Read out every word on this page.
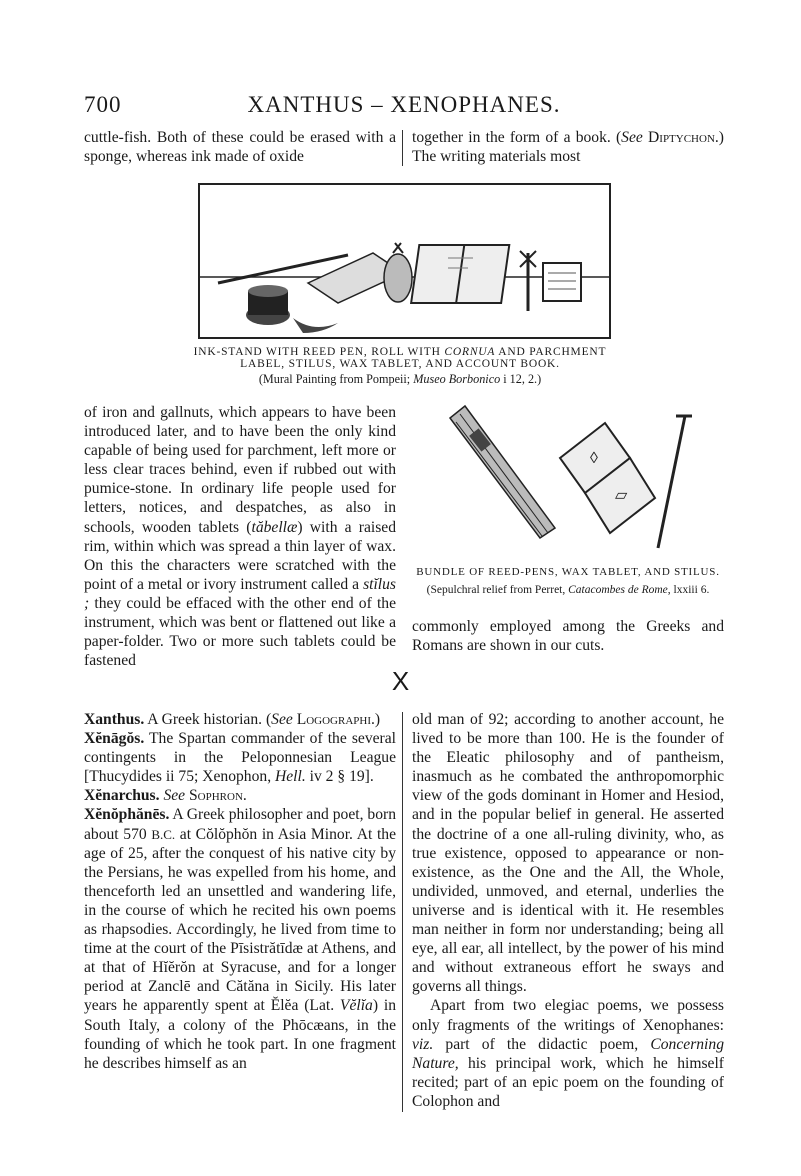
700	XANTHUS – XENOPHANES.

cuttle-fish. Both of these could be erased with a sponge, whereas ink made of oxide

together in the form of a book. (See Diptychon.) The writing materials most

INK-STAND WITH REED PEN, ROLL WITH CORNUA AND PARCHMENT
LABEL, STILUS, WAX TABLET, AND ACCOUNT BOOK.
(Mural Painting from Pompeii; Museo Borbonico i 12, 2.)

of iron and gallnuts, which appears to have been introduced later, and to have been the only kind capable of being used for parchment, left more or less clear traces behind, even if rubbed out with pumice-stone. In ordinary life people used for letters, notices, and despatches, as also in schools, wooden tablets (tăbellæ) with a raised rim, within which was spread a thin layer of wax. On this the characters were scratched with the point of a metal or ivory instrument called a stĭlus ; they could be effaced with the other end of the instrument, which was bent or flattened out like a paper-folder. Two or more such tablets could be fastened

◊
▱
BUNDLE OF REED-PENS, WAX TABLET, AND STILUS.
(Sepulchral relief from Perret, Catacombes de Rome, lxxiii 6.

commonly employed among the Greeks and Romans are shown in our cuts.

X

Xanthus. A Greek historian. (See Logographi.)

Xĕnāgŏs. The Spartan commander of the several contingents in the Peloponnesian League [Thucydides ii 75; Xenophon, Hell. iv 2 § 19].

Xĕnarchus. See Sophron.

Xĕnŏphănēs. A Greek philosopher and poet, born about 570 B.C. at Cŏlŏphŏn in Asia Minor. At the age of 25, after the conquest of his native city by the Persians, he was expelled from his home, and thenceforth led an unsettled and wandering life, in the course of which he recited his own poems as rhapsodies. Accordingly, he lived from time to time at the court of the Pīsistrătīdæ at Athens, and at that of Hĭĕrŏn at Syracuse, and for a longer period at Zanclē and Cătăna in Sicily. His later years he apparently spent at Ĕlĕa (Lat. Vĕlĭa) in South Italy, a colony of the Phōcæans, in the founding of which he took part. In one fragment he describes himself as an

old man of 92; according to another account, he lived to be more than 100. He is the founder of the Eleatic philosophy and of pantheism, inasmuch as he combated the anthropomorphic view of the gods dominant in Homer and Hesiod, and in the popular belief in general. He asserted the doctrine of a one all-ruling divinity, who, as true existence, opposed to appearance or non-existence, as the One and the All, the Whole, undivided, unmoved, and eternal, underlies the universe and is identical with it. He resembles man neither in form nor understanding; being all eye, all ear, all intellect, by the power of his mind and without extraneous effort he sways and governs all things.

Apart from two elegiac poems, we possess only fragments of the writings of Xenophanes: viz. part of the didactic poem, Concerning Nature, his principal work, which he himself recited; part of an epic poem on the founding of Colophon and
